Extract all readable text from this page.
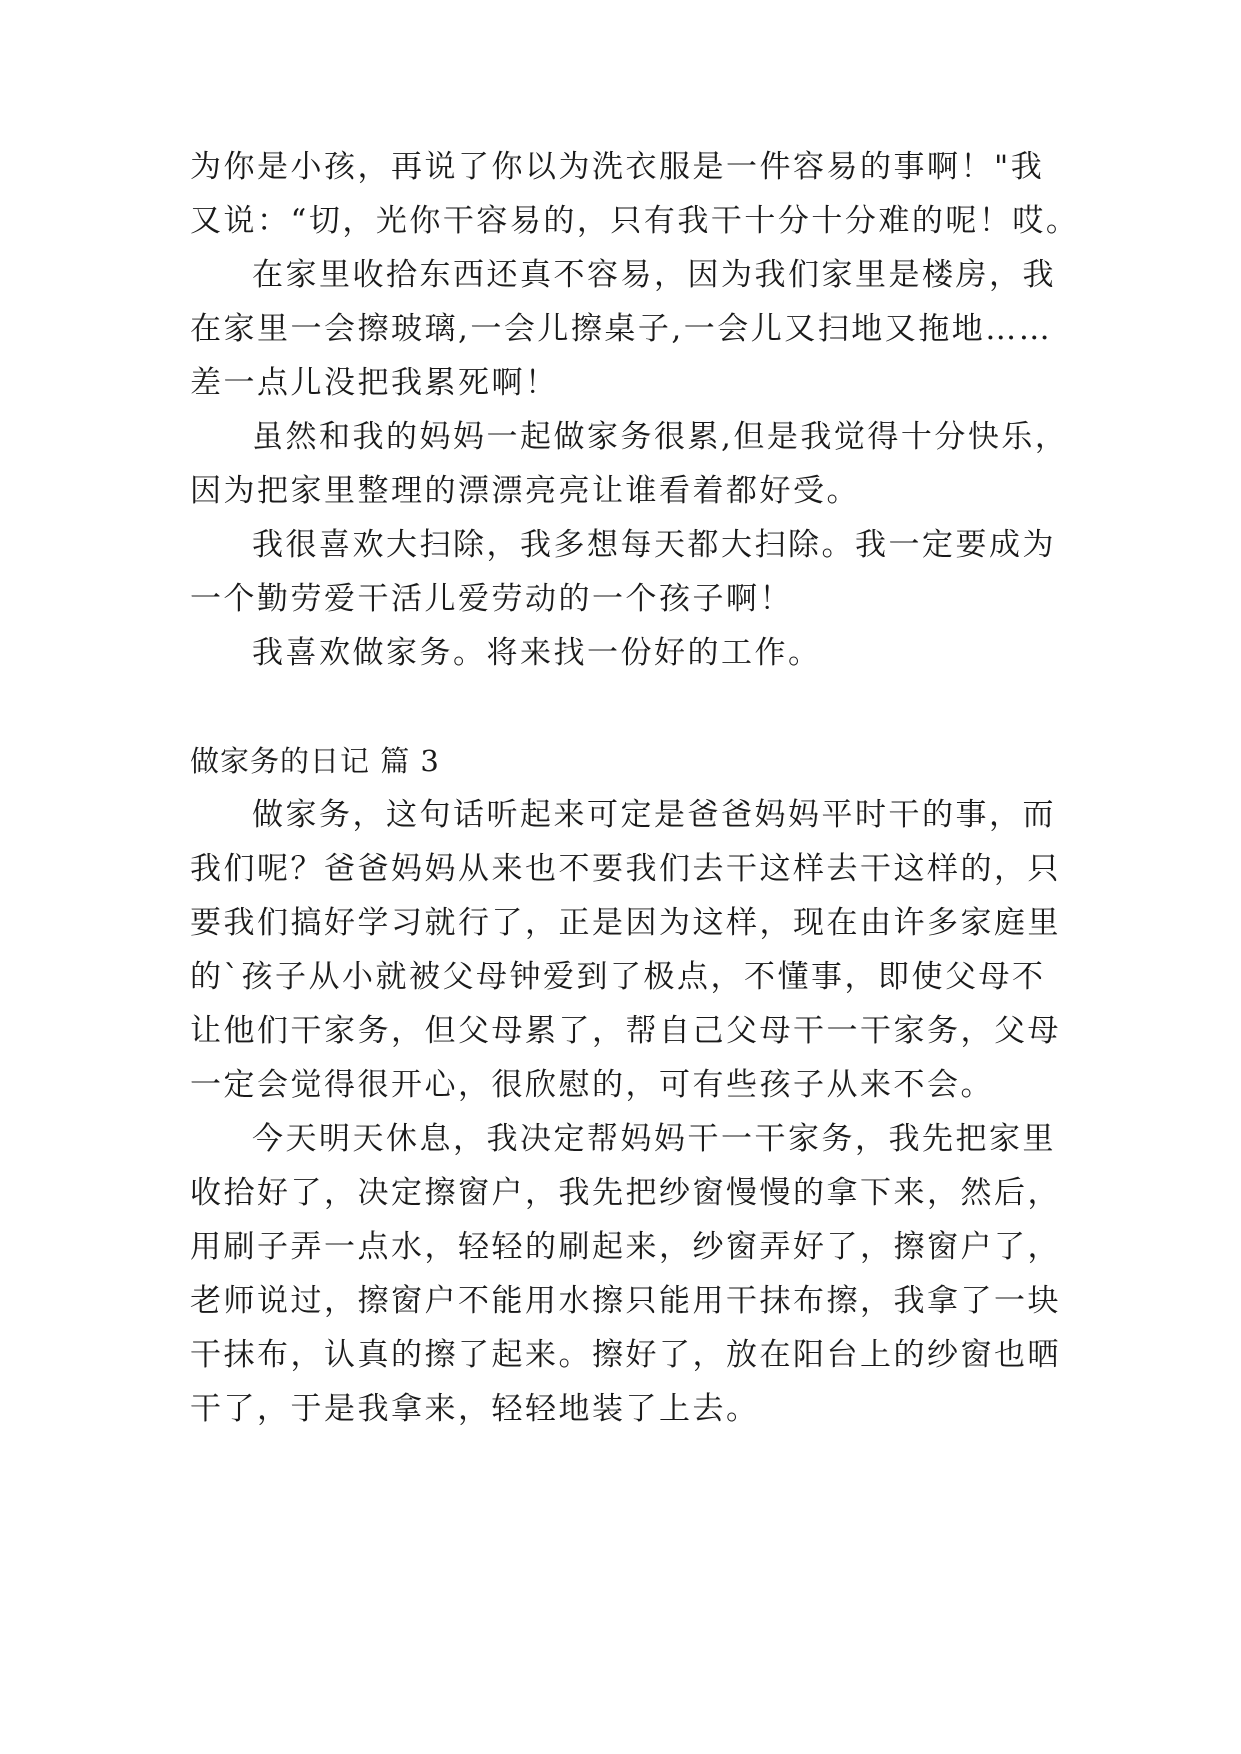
为你是小孩，再说了你以为洗衣服是一件容易的事啊！"我
又说：“切，光你干容易的，只有我干十分十分难的呢！哎。
在家里收拾东西还真不容易，因为我们家里是楼房，我
在家里一会擦玻璃,一会儿擦桌子,一会儿又扫地又拖地……
差一点儿没把我累死啊！
虽然和我的妈妈一起做家务很累,但是我觉得十分快乐，
因为把家里整理的漂漂亮亮让谁看着都好受。
我很喜欢大扫除，我多想每天都大扫除。我一定要成为
一个勤劳爱干活儿爱劳动的一个孩子啊！
我喜欢做家务。将来找一份好的工作。
做家务的日记 篇 3
做家务，这句话听起来可定是爸爸妈妈平时干的事，而
我们呢？爸爸妈妈从来也不要我们去干这样去干这样的，只
要我们搞好学习就行了，正是因为这样，现在由许多家庭里
的`孩子从小就被父母钟爱到了极点，不懂事，即使父母不
让他们干家务，但父母累了，帮自己父母干一干家务，父母
一定会觉得很开心，很欣慰的，可有些孩子从来不会。
今天明天休息，我决定帮妈妈干一干家务，我先把家里
收拾好了，决定擦窗户，我先把纱窗慢慢的拿下来，然后，
用刷子弄一点水，轻轻的刷起来，纱窗弄好了，擦窗户了，
老师说过，擦窗户不能用水擦只能用干抹布擦，我拿了一块
干抹布，认真的擦了起来。擦好了，放在阳台上的纱窗也晒
干了，于是我拿来，轻轻地装了上去。
